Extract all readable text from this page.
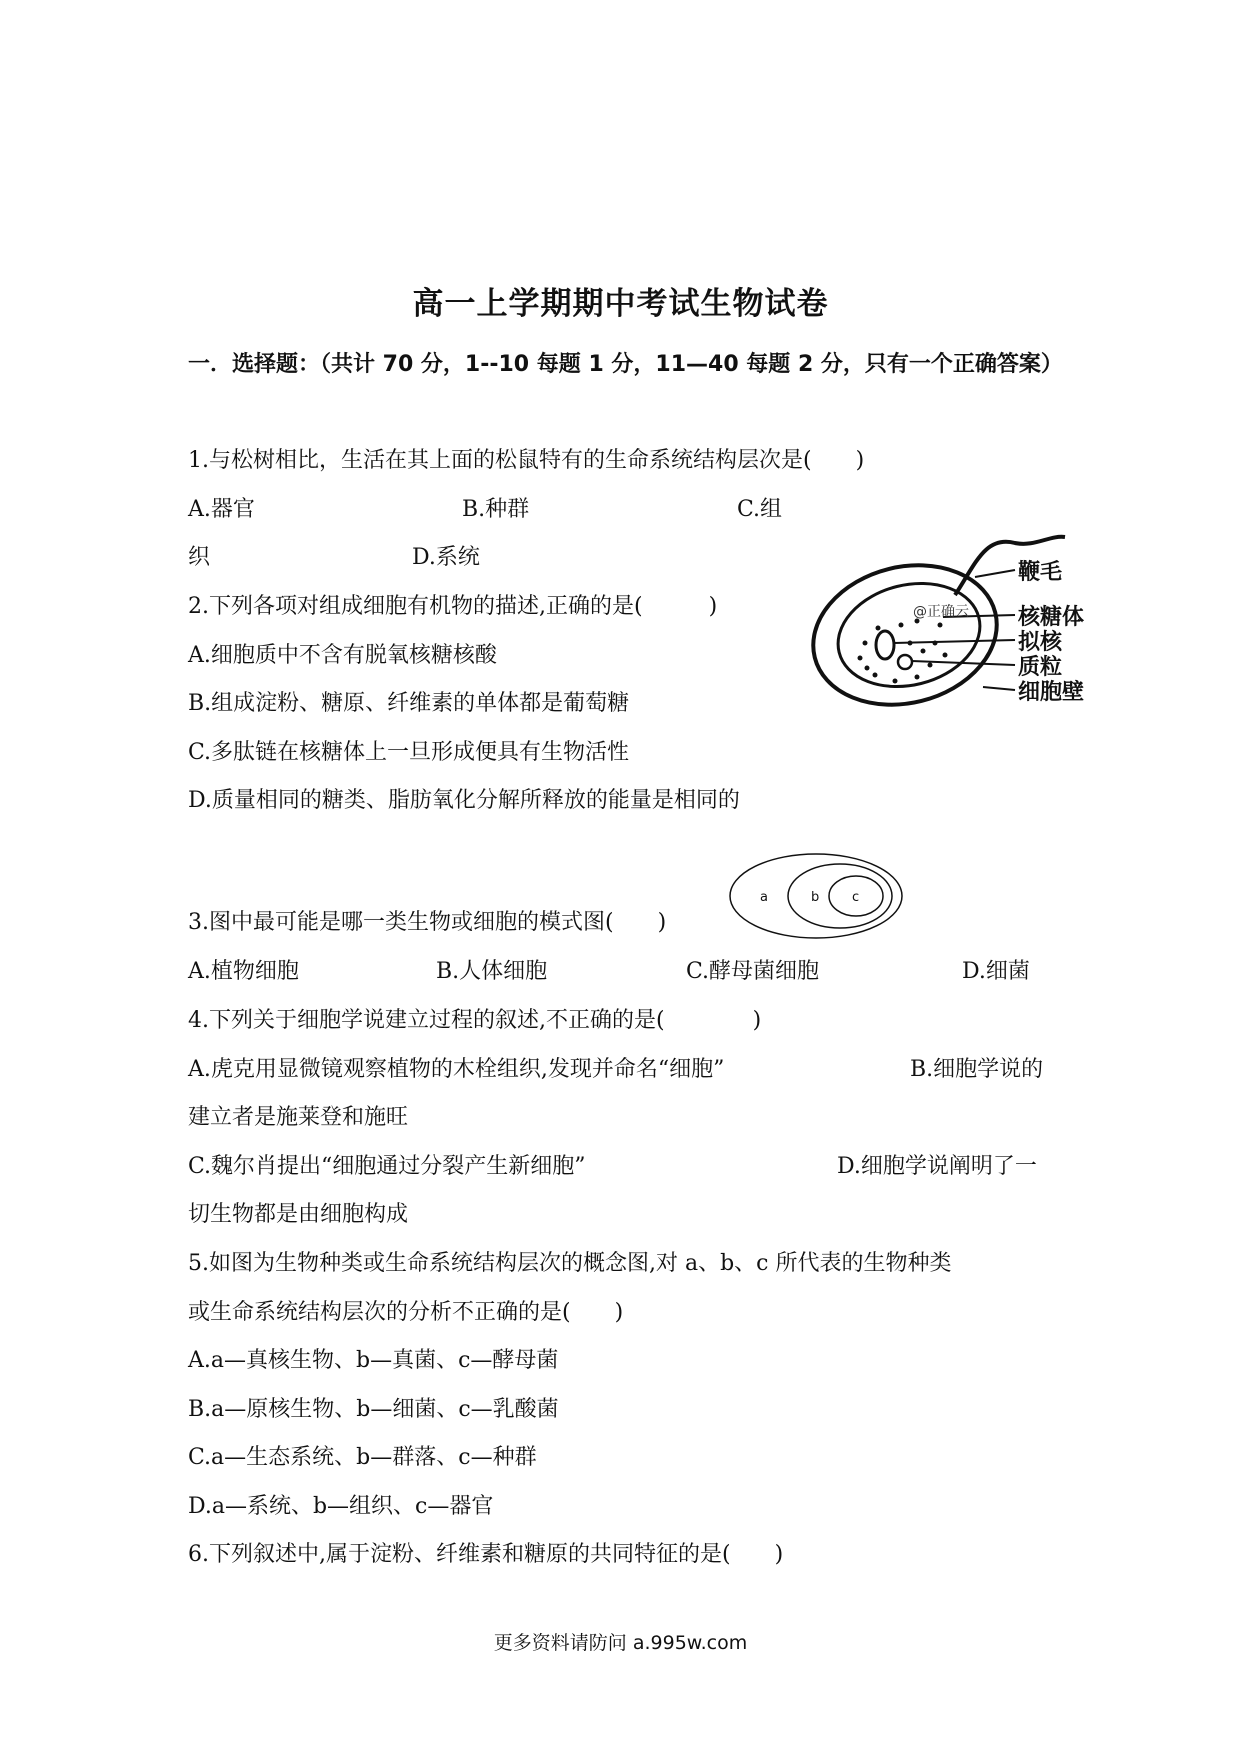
高一上学期期中考试生物试卷
一．选择题：（共计 70 分，1--10 每题 1 分，11—40 每题 2 分，只有一个正确答案）
1.与松树相比，生活在其上面的松鼠特有的生命系统结构层次是(　　)
A.器官	B.种群	C.组
织	D.系统
2.下列各项对组成细胞有机物的描述,正确的是(　　　)
A.细胞质中不含有脱氧核糖核酸
B.组成淀粉、糖原、纤维素的单体都是葡萄糖
C.多肽链在核糖体上一旦形成便具有生物活性
D.质量相同的糖类、脂肪氧化分解所释放的能量是相同的
鞭毛
核糖体
拟核
质粒
细胞壁
@正确云
a	b	c
3.图中最可能是哪一类生物或细胞的模式图(　　)
A.植物细胞	B.人体细胞	C.酵母菌细胞	D.细菌
4.下列关于细胞学说建立过程的叙述,不正确的是(　　　　)
A.虎克用显微镜观察植物的木栓组织,发现并命名“细胞”	B.细胞学说的
建立者是施莱登和施旺
C.魏尔肖提出“细胞通过分裂产生新细胞”	D.细胞学说阐明了一
切生物都是由细胞构成
5.如图为生物种类或生命系统结构层次的概念图,对 a、b、c 所代表的生物种类
或生命系统结构层次的分析不正确的是(　　)
A.a—真核生物、b—真菌、c—酵母菌
B.a—原核生物、b—细菌、c—乳酸菌
C.a—生态系统、b—群落、c—种群
D.a—系统、b—组织、c—器官
6.下列叙述中,属于淀粉、纤维素和糖原的共同特征的是(　　)
更多资料请防问 a.995w.com
